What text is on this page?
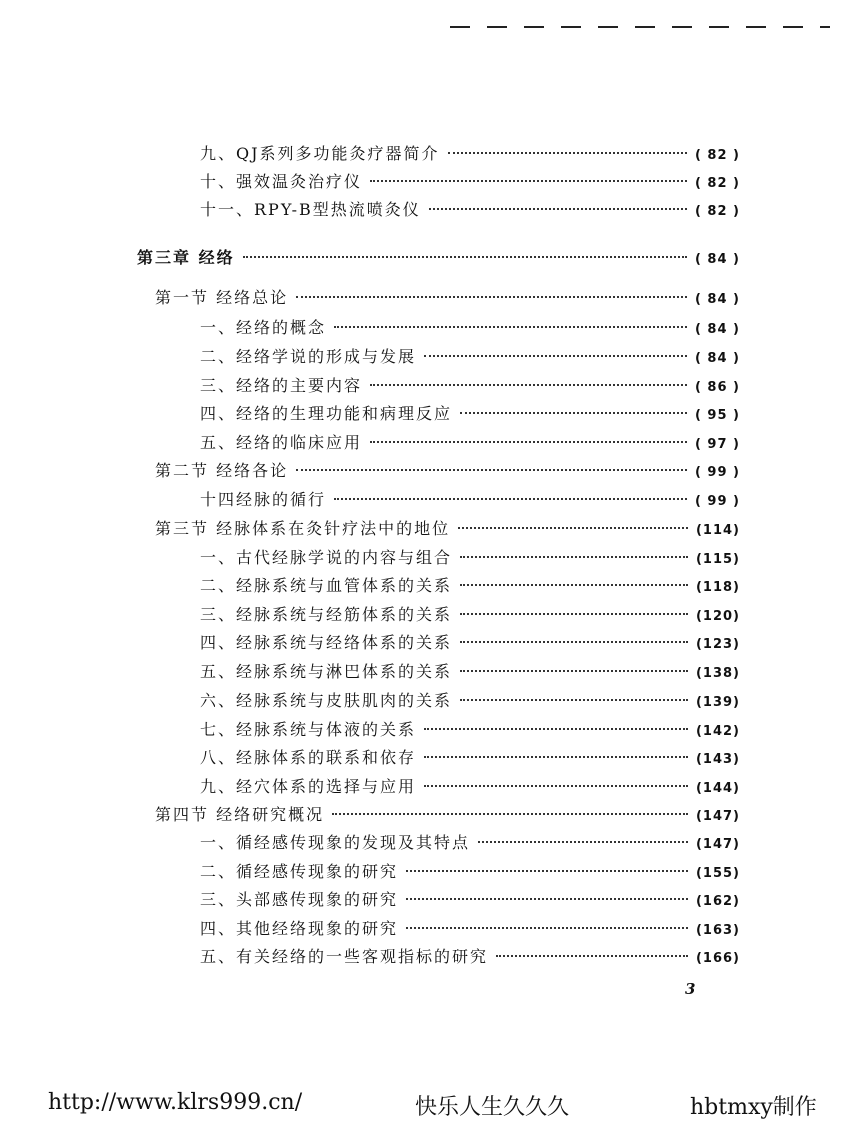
九、QJ系列多功能灸疗器简介	( 82 )
十、强效温灸治疗仪	( 82 )
十一、RPY-B型热流喷灸仪	( 82 )
第三章 经络	( 84 )
第一节 经络总论	( 84 )
一、经络的概念	( 84 )
二、经络学说的形成与发展	( 84 )
三、经络的主要内容	( 86 )
四、经络的生理功能和病理反应	( 95 )
五、经络的临床应用	( 97 )
第二节 经络各论	( 99 )
十四经脉的循行	( 99 )
第三节 经脉体系在灸针疗法中的地位	(114)
一、古代经脉学说的内容与组合	(115)
二、经脉系统与血管体系的关系	(118)
三、经脉系统与经筋体系的关系	(120)
四、经脉系统与经络体系的关系	(123)
五、经脉系统与淋巴体系的关系	(138)
六、经脉系统与皮肤肌肉的关系	(139)
七、经脉系统与体液的关系	(142)
八、经脉体系的联系和依存	(143)
九、经穴体系的选择与应用	(144)
第四节 经络研究概况	(147)
一、循经感传现象的发现及其特点	(147)
二、循经感传现象的研究	(155)
三、头部感传现象的研究	(162)
四、其他经络现象的研究	(163)
五、有关经络的一些客观指标的研究	(166)
3
http://www.klrs999.cn/	快乐人生久久久	hbtmxy制作
